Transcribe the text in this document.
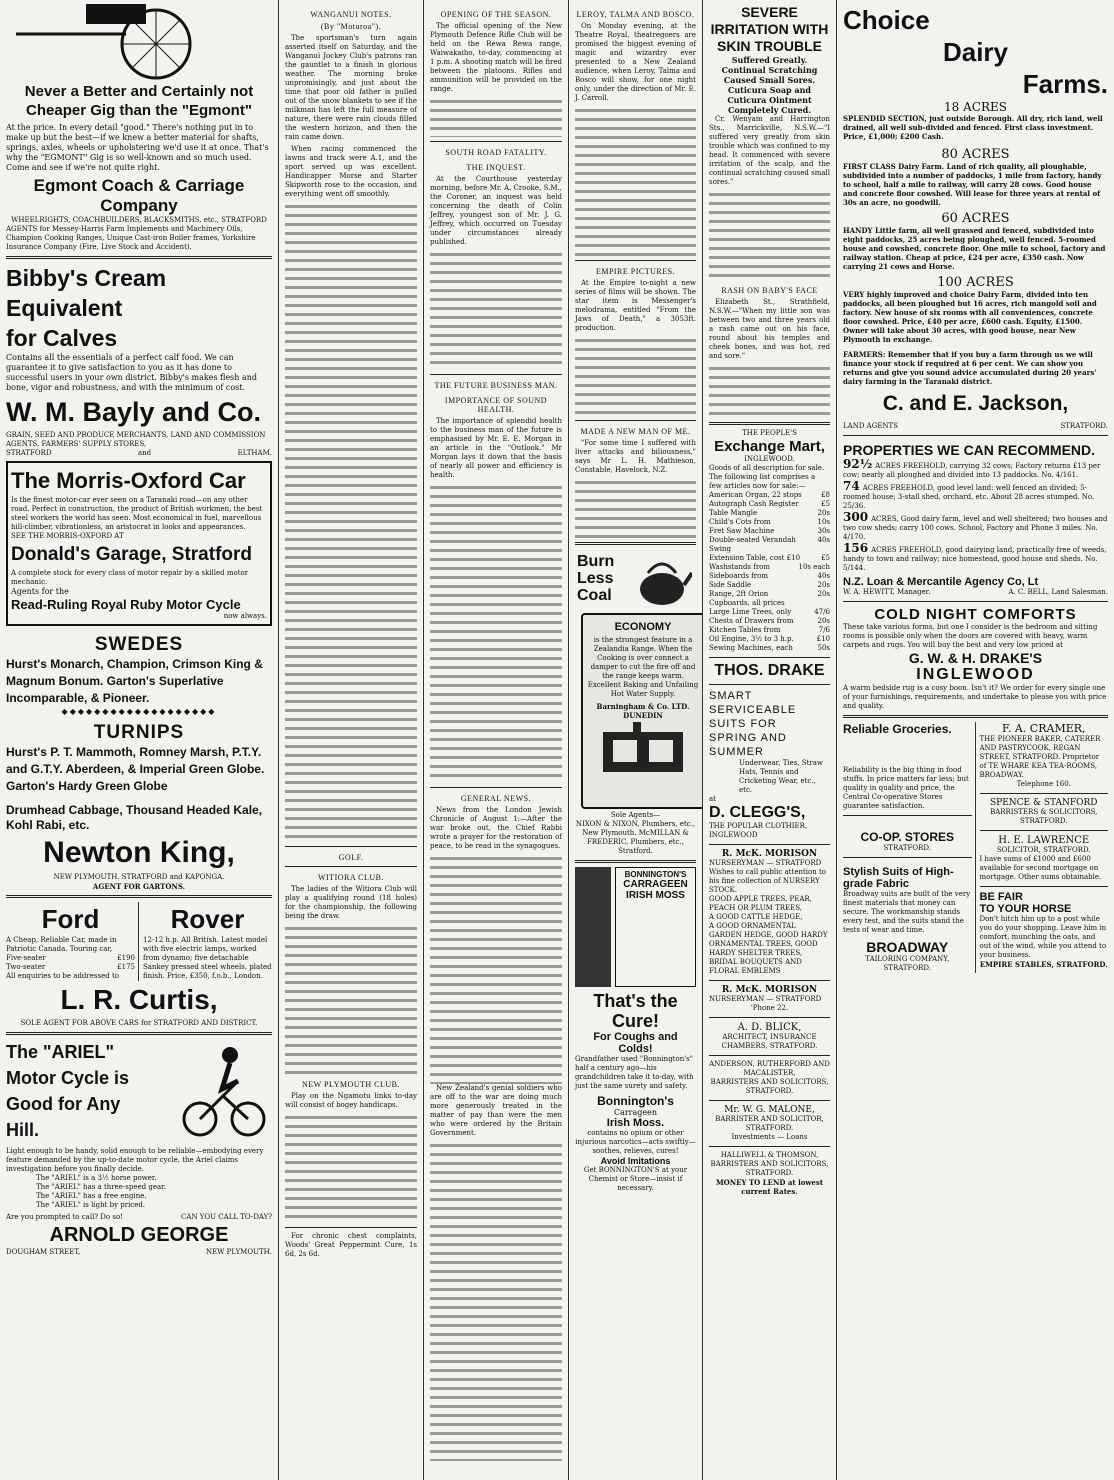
Never a Better and Certainly not Cheaper Gig than the "Egmont"
At the price. In every detail "good." There's nothing put in to make up but the best—if we knew a better material for shafts, springs, axles, wheels or upholstering we'd use it at once. That's why the "EGMONT" Gig is so well-known and so much used. Come and see if we're not quite right.
Egmont Coach & Carriage Company
WHEELRIGHTS, COACHBUILDERS, BLACKSMITHS, etc., STRATFORD
AGENTS for Messey-Harris Farm Implements and Machinery Oils, Champion Cooking Ranges, Unique Cast-iron Boiler frames, Yorkshire Insurance Company (Fire, Live Stock and Accident).
Bibby's Cream Equivalent
for Calves
Contains all the essentials of a perfect calf food. We can guarantee it to give satisfaction to you as it has done to successful users in your own district. Bibby's makes flesh and bone, vigor and robustness, and with the minimum of cost.
W. M. Bayly and Co.
GRAIN, SEED AND PRODUCE MERCHANTS, LAND AND COMMISSION AGENTS, FARMERS' SUPPLY STORES,
STRATFORD	and	ELTHAM.
The Morris-Oxford Car
Is the finest motor-car ever seen on a Taranaki road—on any other road. Perfect in construction, the product of British workmen, the best steel workers the world has seen. Most economical in fuel, marvellous hill-climber, vibrationless, an aristocrat in looks and appearances.
SEE THE MORRIS-OXFORD AT
Donald's Garage, Stratford
A complete stock for every class of motor repair by a skilled motor mechanic.
Agents for the
Read-Ruling Royal Ruby Motor Cycle
now always.
SWEDES
Hurst's Monarch, Champion, Crimson King & Magnum Bonum. Garton's Superlative Incomparable, & Pioneer.
◆◆◆◆◆◆◆◆◆◆◆◆◆◆◆◆◆◆◆
TURNIPS
Hurst's P. T. Mammoth, Romney Marsh, P.T.Y. and G.T.Y. Aberdeen, & Imperial Green Globe. Garton's Hardy Green Globe
Drumhead Cabbage, Thousand Headed Kale, Kohl Rabi, etc.
Newton King,
NEW PLYMOUTH. STRATFORD and KAPONGA.
AGENT FOR GARTONS.
Ford
A Cheap, Reliable Car, made in Patriotic Canada. Touring car,
Five-seater	£190
Two-seater	£175
All enquiries to be addressed to
Rover
12-12 h.p. All British. Latest model with five electric lamps, worked from dynamo; five detachable Sankey pressed steel wheels, plated finish. Price, £350, f.o.b., London.
L. R. Curtis,
SOLE AGENT FOR ABOVE CARS for STRATFORD AND DISTRICT.
The "ARIEL"
Motor Cycle is
Good for Any
Hill.
Light enough to be handy, solid enough to be reliable—embodying every feature demanded by the up-to-date motor cycle, the Ariel claims investigation before you finally decide.
The "ARIEL" is a 3½ horse power.
The "ARIEL" has a three-speed gear.
The "ARIEL" has a free engine.
The "ARIEL" is light by priced.
Are you prompted to call? Do so!	CAN YOU CALL TO-DAY?
ARNOLD GEORGE
DOUGHAM STREET,	NEW PLYMOUTH.
WANGANUI NOTES.
(By "Moturoa").

The sportsman's turn again asserted itself on Saturday, and the Wanganui Jockey Club's patrons ran the gauntlet to a finish in glorious weather. The morning broke unpromisingly, and just about the time that poor old father is pulled out of the snow blankets to see if the milkman has left the full measure of nature, there were rain clouds filled the western horizon, and then the rain came down.

When racing commenced the lawns and track were A.1, and the sport served up was excellent. Handicapper Morse and Starter Skipworth rose to the occasion, and everything went off smoothly.

GOLF.
WITIORA CLUB.

The ladies of the Witiora Club will play a qualifying round (18 holes) for the championship, the following being the draw.

NEW PLYMOUTH CLUB.

Play on the Ngamotu links to-day will consist of bogey handicaps.

For chronic chest complaints, Woods' Great Peppermint Cure, 1s 6d, 2s 6d.

OPENING OF THE SEASON.

The official opening of the New Plymouth Defence Rifle Club will be held on the Rewa Rewa range, Waiwakaiho, to-day, commencing at 1 p.m. A shooting match will be fired between the platoons. Rifles and ammunition will be provided on the range.

SOUTH ROAD FATALITY.
THE INQUEST.

At the Courthouse yesterday morning, before Mr. A. Crooke, S.M., the Coroner, an inquest was held concerning the death of Colin Jeffrey, youngest son of Mr. J. G. Jeffrey, which occurred on Tuesday under circumstances already published.

THE FUTURE BUSINESS MAN.
IMPORTANCE OF SOUND HEALTH.

The importance of splendid health to the business man of the future is emphasised by Mr. E. E. Morgan in an article in the "Outlook." Mr Morgan lays it down that the basis of nearly all power and efficiency is health.

GENERAL NEWS.

News from the London Jewish Chronicle of August 1:—After the war broke out, the Chief Rabbi wrote a prayer for the restoration of peace, to be read in the synagogues.

New Zealand's genial soldiers who are off to the war are doing much more generously treated in the matter of pay than were the men who were ordered by the Britain Government.

LEROY, TALMA AND BOSCO.

On Monday evening, at the Theatre Royal, theatregoers are promised the biggest evening of magic and wizardry ever presented to a New Zealand audience, when Leroy, Talma and Bosco will show, for one night only, under the direction of Mr. E. J. Carroll.

EMPIRE PICTURES.

At the Empire to-night a new series of films will be shown. The star item is Messenger's melodrama, entitled "From the Jaws of Death," a 3053ft. production.

MADE A NEW MAN OF ME.

"For some time I suffered with liver attacks and biliousness," says Mr L. H. Mathieson, Constable, Havelock, N.Z.

Burn
Less
Coal
ECONOMY
is the strongest feature in a Zealandia Range. When the Cooking is over connect a damper to cut the fire off and the range keeps warm. Excellent Baking and Unfailing Hot Water Supply.
Barningham & Co. LTD. DUNEDIN
Sole Agents—
NIXON & NIXON, Plumbers, etc., New Plymouth. McMILLAN & FREDERIC, Plumbers, etc., Stratford.
BONNINGTON'S
CARRAGEEN
IRISH MOSS
That's the Cure!
For Coughs and Colds!
Grandfather used "Bonnington's" half a century ago—his grandchildren take it to-day, with just the same surety and safety.
Bonnington's
Carrageen
Irish Moss.
contains no opium or other injurious narcotics—acts swiftly—soothes, relieves, cures!
Avoid Imitations
Get BONNINGTON'S at your Chemist or Store—insist if necessary.
SEVERE IRRITATION WITH SKIN TROUBLE
Suffered Greatly. Continual Scratching Caused Small Sores. Cuticura Soap and Cuticura Ointment Completely Cured.

Cr. Wenyam and Harrington Sts., Marrickville, N.S.W.—"I suffered very greatly from skin trouble which was confined to my head. It commenced with severe irritation of the scalp, and the continual scratching caused small sores."

RASH ON BABY'S FACE

Elizabeth St., Strathfield, N.S.W.—"When my little son was between two and three years old a rash came out on his face, round about his temples and cheek bones, and was hot, red and sore."

THE PEOPLE'S
Exchange Mart,
INGLEWOOD.
Goods of all description for sale. The following list comprises a few articles now for sale:—
American Organ, 22 stops	£8
Autograph Cash Register	£5
Table Mangle	20s
Child's Cots from	10s
Fret Saw Machine	30s
Double-seated Verandah Swing
40s
Extension Table, cost £10	£5
Washstands from	10s each
Sideboards from	40s
Side Saddle	20s
Range, 2ft Orion	20s
Cupboards, all prices
Large Lime Trees, only	47/6
Chests of Drawers from	20s
Kitchen Tables from	7/6
Oil Engine, 3½ to 3 h.p.	£10
Sewing Machines, each	50s
THOS. DRAKE
SMART
SERVICEABLE
SUITS FOR
SPRING AND
SUMMER
Underwear, Ties, Straw Hats, Tennis and Cricketing Wear, etc., etc.
at
D. CLEGG'S,
THE POPULAR CLOTHIER, INGLEWOOD
R. McK. MORISON
NURSERYMAN — STRATFORD
Wishes to call public attention to his fine collection of NURSERY STOCK.
GOOD APPLE TREES, PEAR, PEACH OR PLUM TREES,
A GOOD CATTLE HEDGE,
A GOOD ORNAMENTAL GARDEN HEDGE, GOOD HARDY ORNAMENTAL TREES, GOOD HARDY SHELTER TREES,
BRIDAL BOUQUETS AND FLORAL EMBLEMS
R. McK. MORISON
NURSERYMAN — STRATFORD
'Phone 22.
A. D. BLICK,
ARCHITECT, INSURANCE CHAMBERS, STRATFORD.
ANDERSON, RUTHERFORD AND MACALISTER,
BARRISTERS AND SOLICITORS, STRATFORD.
Mr. W. G. MALONE,
BARRISTER AND SOLICITOR, STRATFORD.
Investments — Loans
HALLIWELL & THOMSON, BARRISTERS AND SOLICITORS, STRATFORD.
MONEY TO LEND at lowest current Rates.
Choice
Dairy
Farms.
18 ACRES
SPLENDID SECTION, just outside Borough. All dry, rich land, well drained, all well sub-divided and fenced. First class investment. Price, £1,000; £200 Cash.
80 ACRES
FIRST CLASS Dairy Farm. Land of rich quality, all ploughable, subdivided into a number of paddocks, 1 mile from factory, handy to school, half a mile to railway, will carry 28 cows. Good house and concrete floor cowshed. Will lease for three years at rental of 30s an acre, no goodwill.
60 ACRES
HANDY Little farm, all well grassed and fenced, subdivided into eight paddocks, 25 acres being ploughed, well fenced. 5-roomed house and cowshed, concrete floor. One mile to school, factory and railway station. Cheap at price, £24 per acre, £350 cash. Now carrying 21 cows and Horse.
100 ACRES
VERY highly improved and choice Dairy Farm, divided into ten paddocks, all been ploughed but 16 acres, rich mangold soil and factory. New house of six rooms with all conveniences, concrete floor cowshed. Price, £40 per acre, £600 cash. Equity, £1500. Owner will take about 30 acres, with good house, near New Plymouth in exchange.
FARMERS: Remember that if you buy a farm through us we will finance your stock if required at 6 per cent. We can show you returns and give you sound advice accumulated during 20 years' dairy farming in the Taranaki district.
C. and E. Jackson,
LAND AGENTS	STRATFORD.
PROPERTIES WE CAN RECOMMEND.
92½ ACRES FREEHOLD, carrying 32 cows; Factory returns £13 per cow; nearly all ploughed and divided into 13 paddocks. No. 4/161.
74 ACRES FREEHOLD, good level land: well fenced an divided; 5-roomed house; 3-stall shed, orchard, etc. About 28 acres stumped. No. 25/36.
300 ACRES, Good dairy farm, level and well sheltered; two houses and two cow sheds; carry 100 cows. School, Factory and Phone 3 miles. No. 4/170.
156 ACRES FREEHOLD, good dairying land, practically free of weeds, handy to town and railway; nice homestead, good house and sheds. No. 5/144.
N.Z. Loan & Mercantile Agency Co, Lt
W. A. HEWITT, Manager.	A. C. BELL, Land Salesman.
COLD NIGHT COMFORTS
These take various forms, but one I consider is the bedroom and sitting rooms is possible only when the doors are covered with heavy, warm carpets and rugs. You will buy the best and very low priced at
G. W. & H. DRAKE'S
INGLEWOOD
A warm bedside rug is a cosy boon. Isn't it? We order for every single one of your furnishings, requirements, and undertake to please you with price and quality.
Reliable Groceries.
Reliability is the big thing in food stuffs. In price matters far less; but quality in quality and price, the Central Co-operative Stores guarantee satisfaction.
CO-OP. STORES
STRATFORD.
Stylish Suits of High-grade Fabric
Broadway suits are built of the very finest materials that money can secure. The workmanship stands every test, and the suits stand the tests of wear and time.
BROADWAY
TAILORING COMPANY, STRATFORD.
F. A. CRAMER,
THE PIONEER BAKER, CATERER AND PASTRYCOOK, REGAN STREET, STRATFORD. Proprietor of TE WHARE KEA TEA-ROOMS, BROADWAY.
Telephone 160.
SPENCE & STANFORD
BARRISTERS & SOLICITORS, STRATFORD.
H. E. LAWRENCE
SOLICITOR, STRATFORD.
I have sums of £1000 and £600 available for second mortgage on mortgage. Other sums obtainable.
BE FAIR
TO YOUR HORSE
Don't hitch him up to a post while you do your shopping. Leave him in comfort, munching the oats, and out of the wind, while you attend to your business.
EMPIRE STABLES, STRATFORD.
